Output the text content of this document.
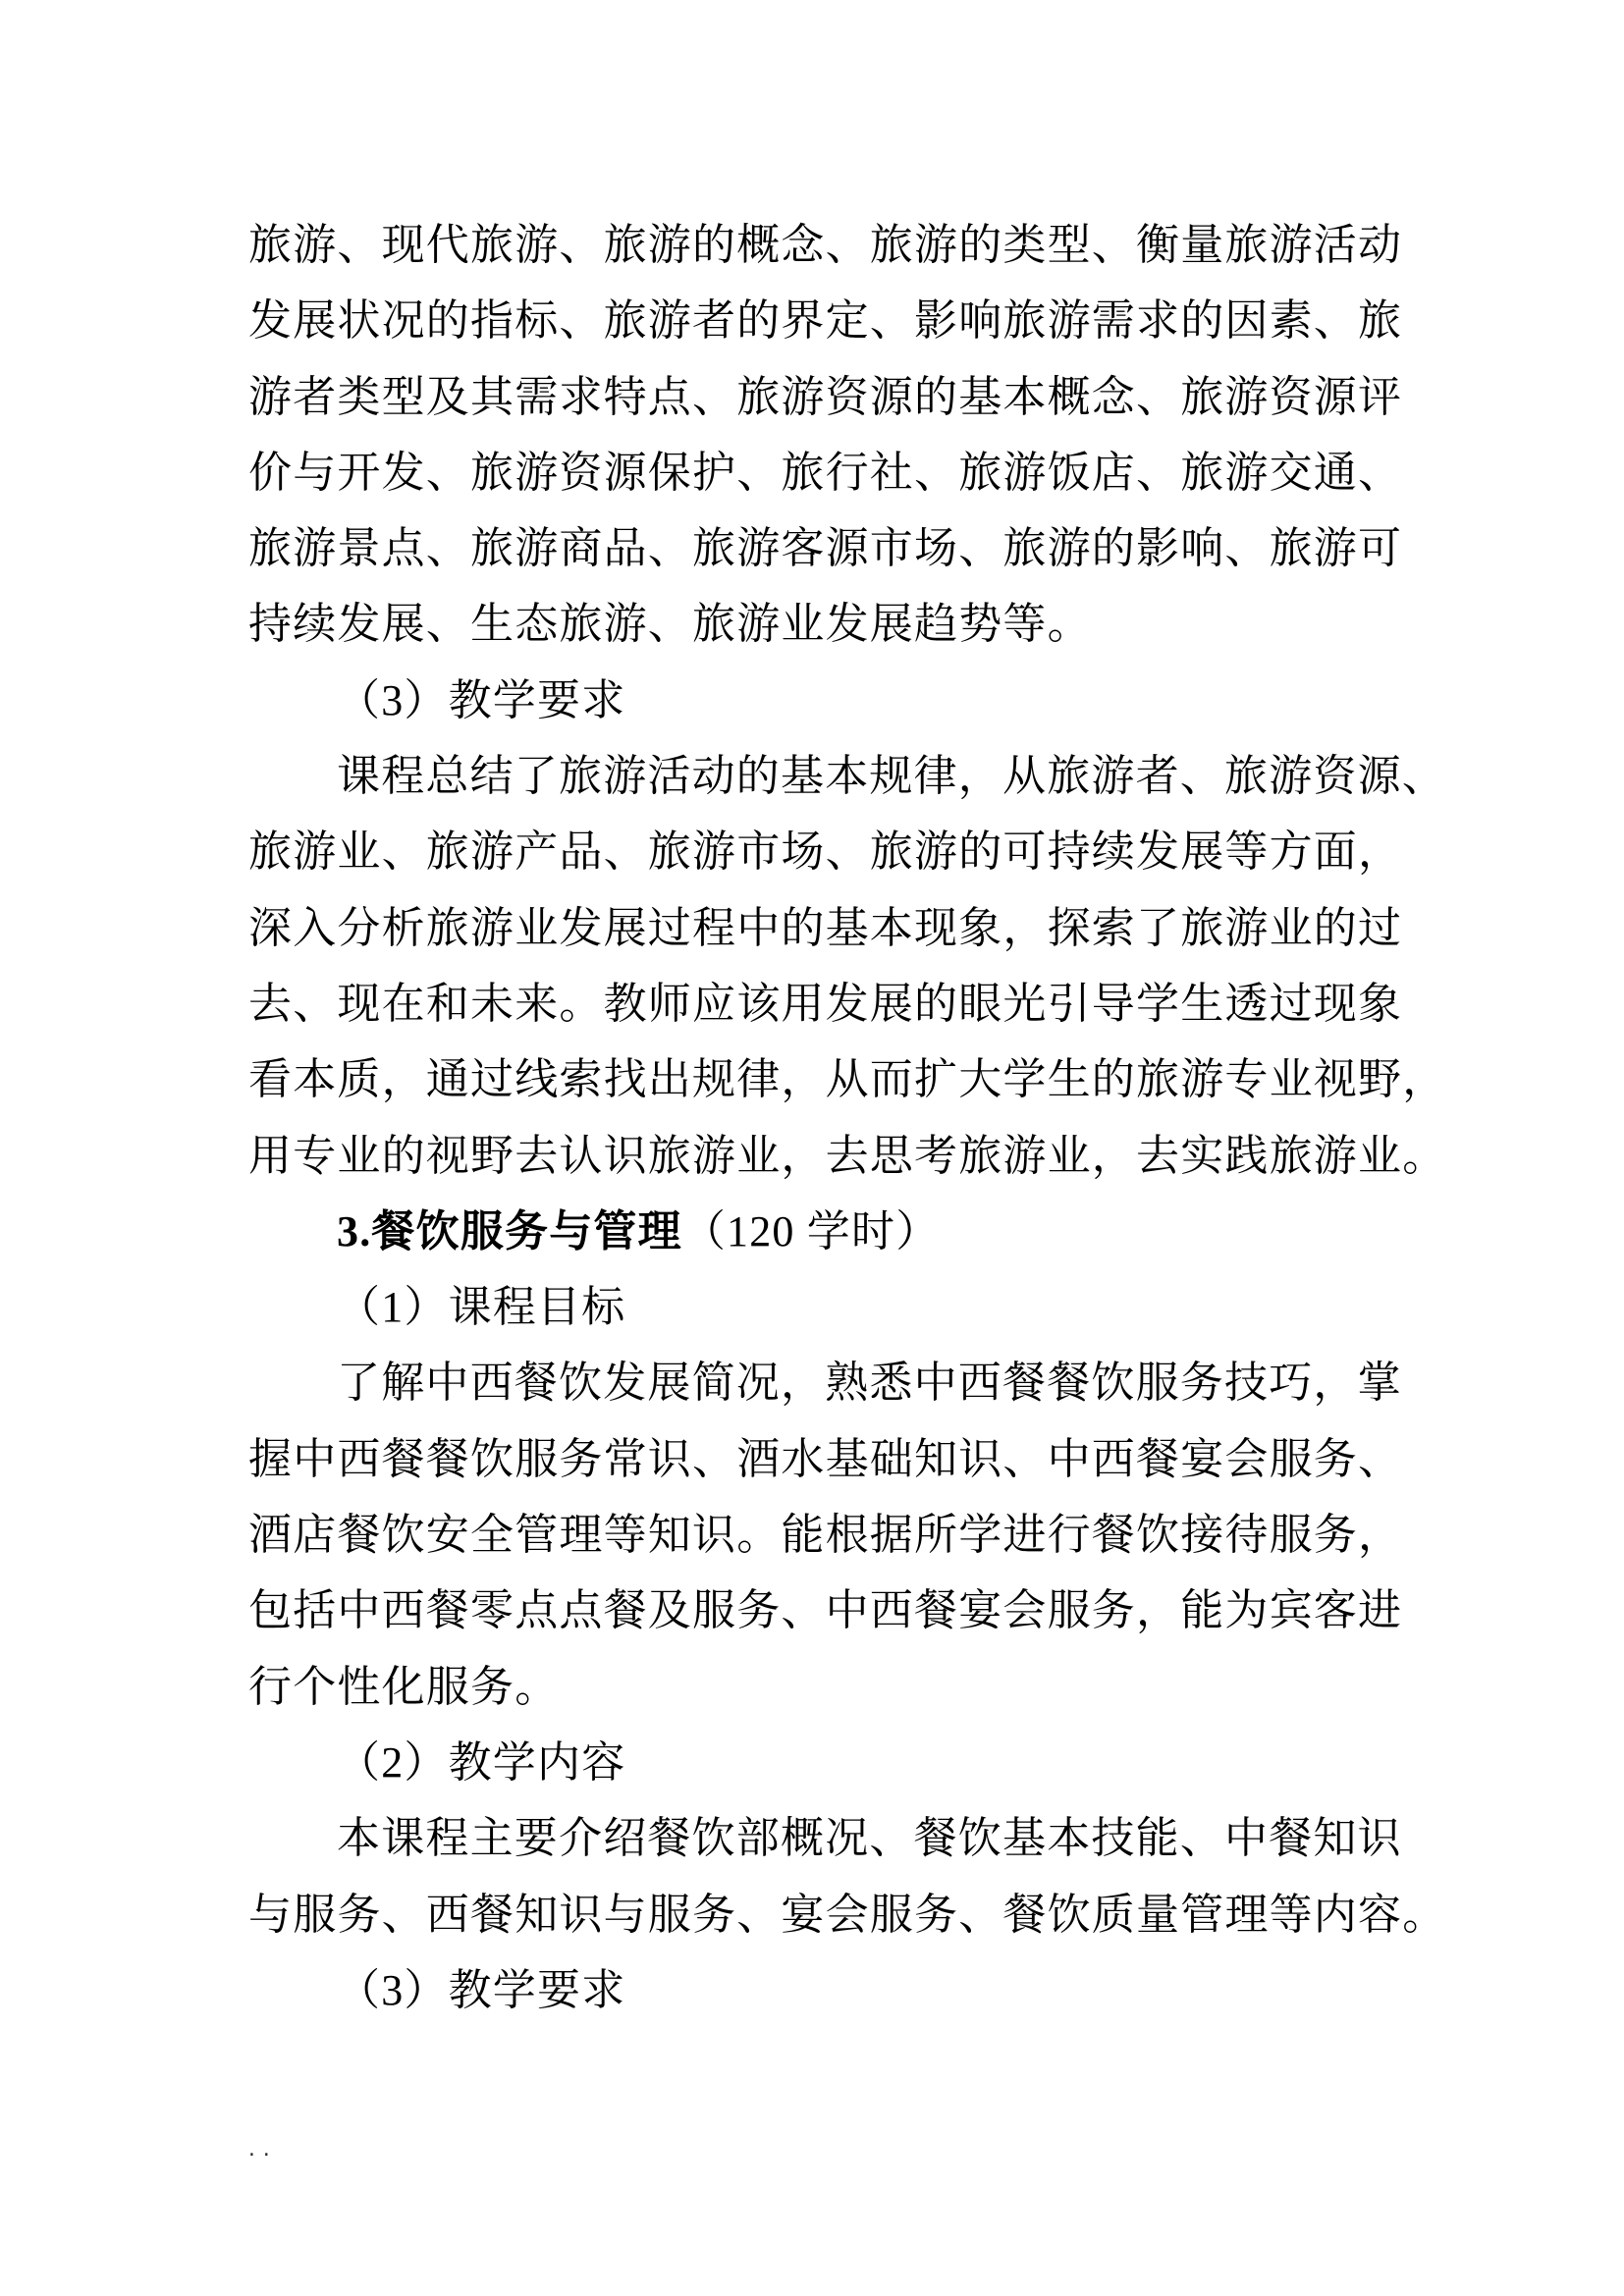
旅游、现代旅游、旅游的概念、旅游的类型、衡量旅游活动
发展状况的指标、旅游者的界定、影响旅游需求的因素、旅
游者类型及其需求特点、旅游资源的基本概念、旅游资源评
价与开发、旅游资源保护、旅行社、旅游饭店、旅游交通、
旅游景点、旅游商品、旅游客源市场、旅游的影响、旅游可
持续发展、生态旅游、旅游业发展趋势等。
（3）教学要求
课程总结了旅游活动的基本规律，从旅游者、旅游资源、
旅游业、旅游产品、旅游市场、旅游的可持续发展等方面，
深入分析旅游业发展过程中的基本现象，探索了旅游业的过
去、现在和未来。教师应该用发展的眼光引导学生透过现象
看本质，通过线索找出规律，从而扩大学生的旅游专业视野，
用专业的视野去认识旅游业，去思考旅游业，去实践旅游业。
3.餐饮服务与管理（120 学时）
（1）课程目标
了解中西餐饮发展简况，熟悉中西餐餐饮服务技巧，掌
握中西餐餐饮服务常识、酒水基础知识、中西餐宴会服务、
酒店餐饮安全管理等知识。能根据所学进行餐饮接待服务，
包括中西餐零点点餐及服务、中西餐宴会服务，能为宾客进
行个性化服务。
（2）教学内容
本课程主要介绍餐饮部概况、餐饮基本技能、中餐知识
与服务、西餐知识与服务、宴会服务、餐饮质量管理等内容。
（3）教学要求
..
